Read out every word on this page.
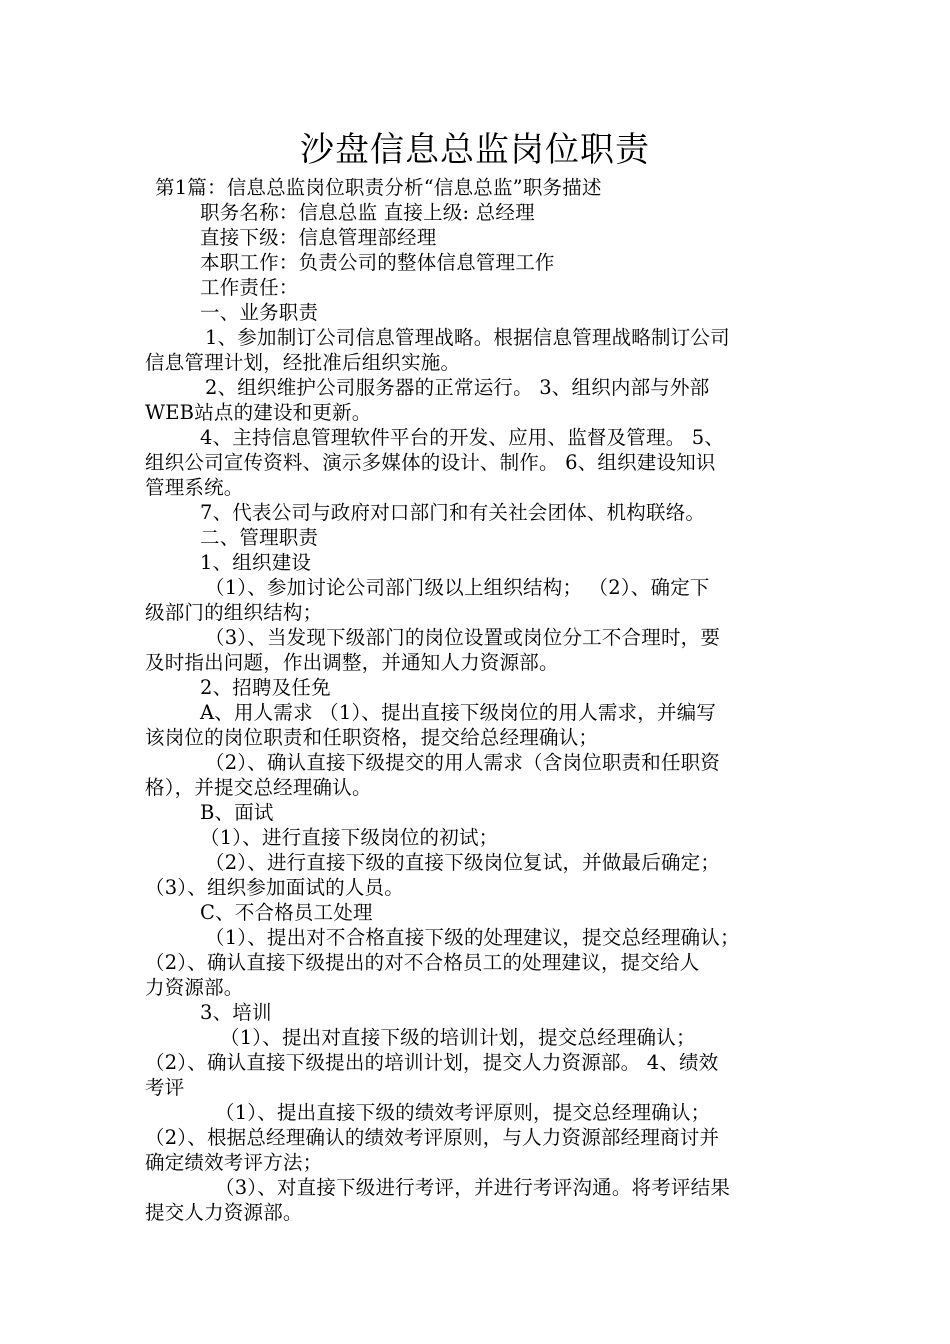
沙盘信息总监岗位职责
第1篇：信息总监岗位职责分析“信息总监”职务描述
职务名称：信息总监 直接上级: 总经理
直接下级：信息管理部经理
本职工作：负责公司的整体信息管理工作
工作责任：
一、业务职责
1、参加制订公司信息管理战略。根据信息管理战略制订公司
信息管理计划，经批准后组织实施。
2、组织维护公司服务器的正常运行。 3、组织内部与外部
WEB站点的建设和更新。
4、主持信息管理软件平台的开发、应用、监督及管理。 5、
组织公司宣传资料、演示多媒体的设计、制作。 6、组织建设知识
管理系统。
7、代表公司与政府对口部门和有关社会团体、机构联络。
二、管理职责
1、组织建设
（1）、参加讨论公司部门级以上组织结构； （2）、确定下
级部门的组织结构；
（3）、当发现下级部门的岗位设置或岗位分工不合理时，要
及时指出问题，作出调整，并通知人力资源部。
2、招聘及任免
A、用人需求 （1）、提出直接下级岗位的用人需求，并编写
该岗位的岗位职责和任职资格，提交给总经理确认；
（2）、确认直接下级提交的用人需求（含岗位职责和任职资
格），并提交总经理确认。
B、面试
（1）、进行直接下级岗位的初试；
（2）、进行直接下级的直接下级岗位复试，并做最后确定；
（3）、组织参加面试的人员。
C、不合格员工处理
（1）、提出对不合格直接下级的处理建议，提交总经理确认；
（2）、确认直接下级提出的对不合格员工的处理建议，提交给人
力资源部。
3、培训
（1）、提出对直接下级的培训计划，提交总经理确认；
（2）、确认直接下级提出的培训计划，提交人力资源部。 4、绩效
考评
（1）、提出直接下级的绩效考评原则，提交总经理确认；
（2）、根据总经理确认的绩效考评原则，与人力资源部经理商讨并
确定绩效考评方法；
（3）、对直接下级进行考评，并进行考评沟通。将考评结果
提交人力资源部。
